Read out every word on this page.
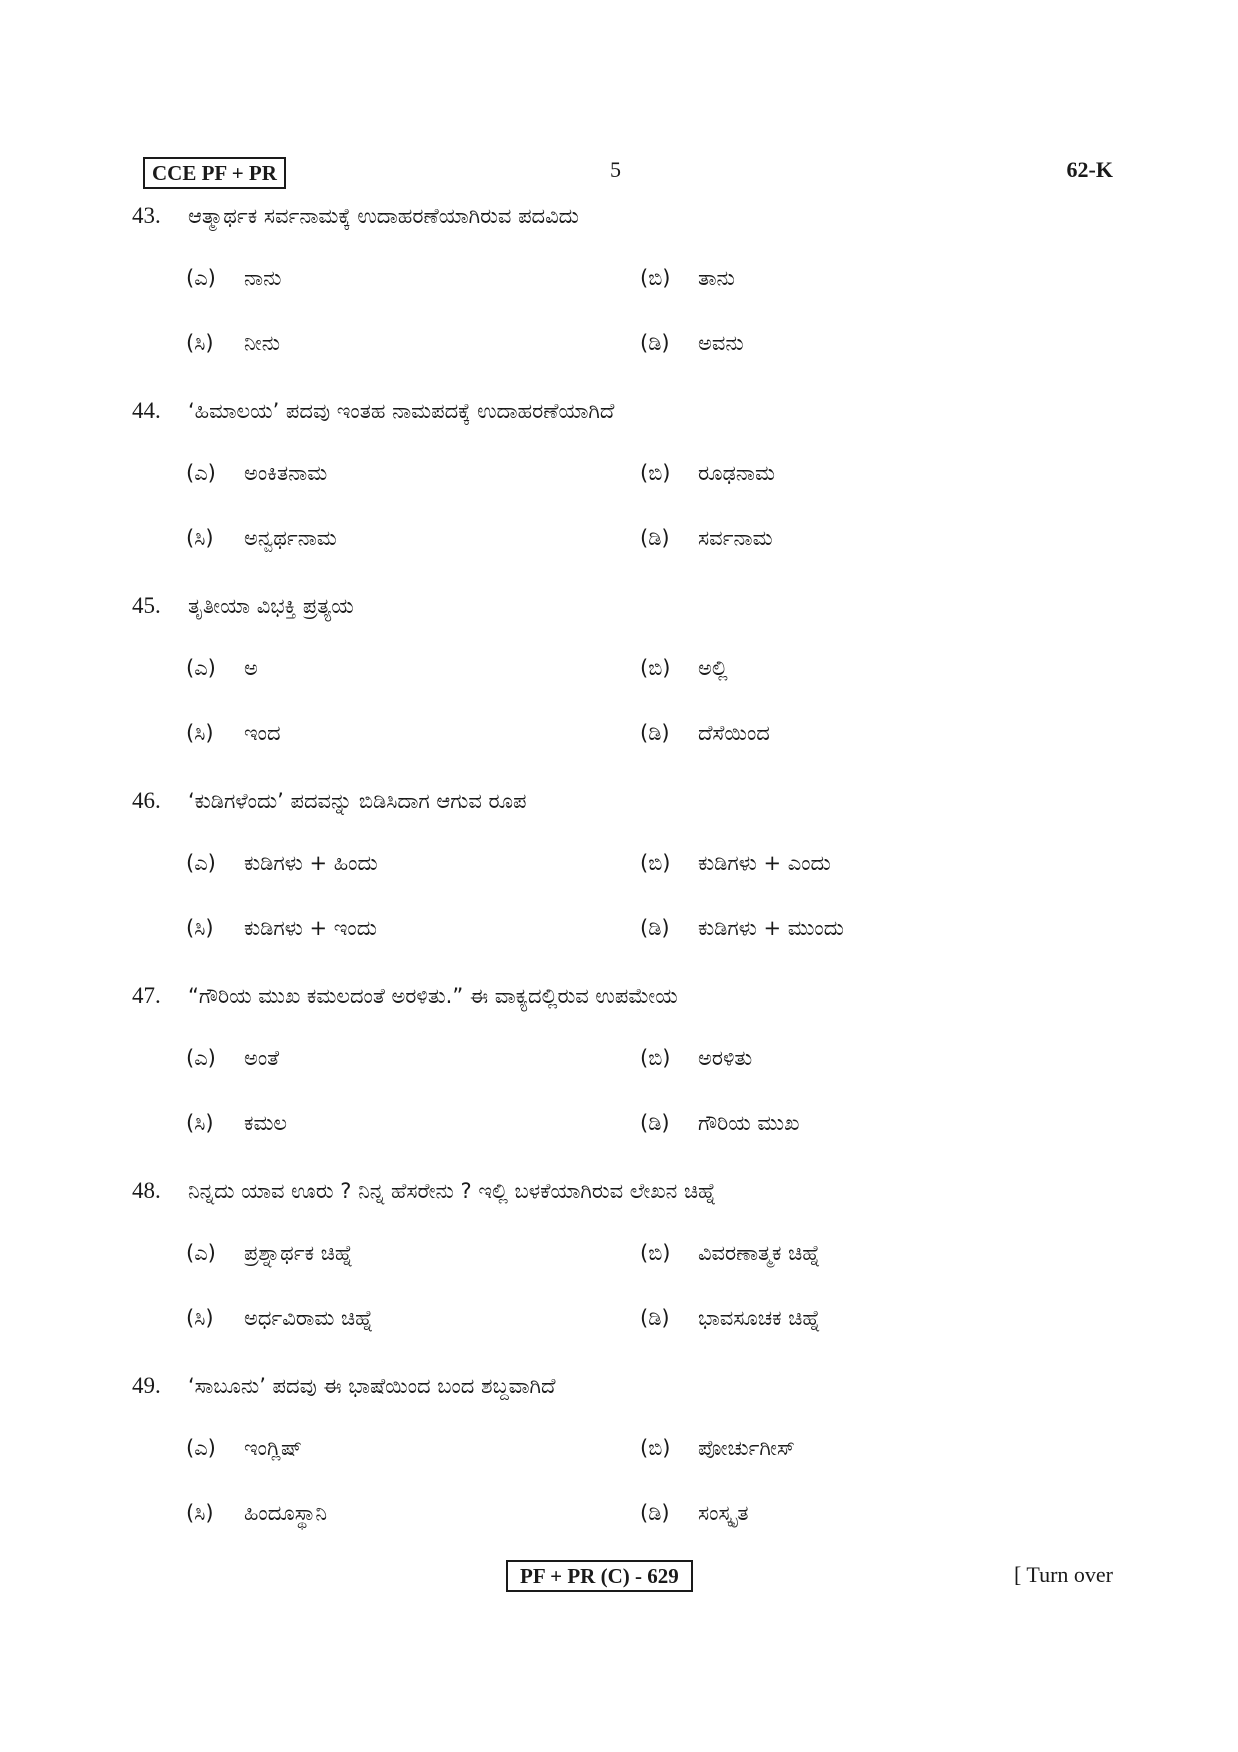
CCE PF + PR	5	62-K
43.	ಆತ್ಮಾರ್ಥಕ ಸರ್ವನಾಮಕ್ಕೆ ಉದಾಹರಣೆಯಾಗಿರುವ ಪದವಿದು
(ಎ)	ನಾನು	(ಬಿ)	ತಾನು
(ಸಿ)	ನೀನು	(ಡಿ)	ಅವನು
44.	‘ಹಿಮಾಲಯ’ ಪದವು ಇಂತಹ ನಾಮಪದಕ್ಕೆ ಉದಾಹರಣೆಯಾಗಿದೆ
(ಎ)	ಅಂಕಿತನಾಮ	(ಬಿ)	ರೂಢನಾಮ
(ಸಿ)	ಅನ್ವರ್ಥನಾಮ	(ಡಿ)	ಸರ್ವನಾಮ
45.	ತೃತೀಯಾ ವಿಭಕ್ತಿ ಪ್ರತ್ಯಯ
(ಎ)	ಅ	(ಬಿ)	ಅಲ್ಲಿ
(ಸಿ)	ಇಂದ	(ಡಿ)	ದೆಸೆಯಿಂದ
46.	‘ಕುಡಿಗಳೆಂದು’ ಪದವನ್ನು ಬಿಡಿಸಿದಾಗ ಆಗುವ ರೂಪ
(ಎ)	ಕುಡಿಗಳು + ಹಿಂದು	(ಬಿ)	ಕುಡಿಗಳು + ಎಂದು
(ಸಿ)	ಕುಡಿಗಳು + ಇಂದು	(ಡಿ)	ಕುಡಿಗಳು + ಮುಂದು
47.	“ಗೌರಿಯ ಮುಖ ಕಮಲದಂತೆ ಅರಳಿತು.” ಈ ವಾಕ್ಯದಲ್ಲಿರುವ ಉಪಮೇಯ
(ಎ)	ಅಂತೆ	(ಬಿ)	ಅರಳಿತು
(ಸಿ)	ಕಮಲ	(ಡಿ)	ಗೌರಿಯ ಮುಖ
48.	ನಿನ್ನದು ಯಾವ ಊರು ? ನಿನ್ನ ಹೆಸರೇನು ? ಇಲ್ಲಿ ಬಳಕೆಯಾಗಿರುವ ಲೇಖನ ಚಿಹ್ನೆ
(ಎ)	ಪ್ರಶ್ನಾರ್ಥಕ ಚಿಹ್ನೆ	(ಬಿ)	ವಿವರಣಾತ್ಮಕ ಚಿಹ್ನೆ
(ಸಿ)	ಅರ್ಧವಿರಾಮ ಚಿಹ್ನೆ	(ಡಿ)	ಭಾವಸೂಚಕ ಚಿಹ್ನೆ
49.	‘ಸಾಬೂನು’ ಪದವು ಈ ಭಾಷೆಯಿಂದ ಬಂದ ಶಬ್ದವಾಗಿದೆ
(ಎ)	ಇಂಗ್ಲಿಷ್	(ಬಿ)	ಪೋರ್ಚುಗೀಸ್
(ಸಿ)	ಹಿಂದೂಸ್ಥಾನಿ	(ಡಿ)	ಸಂಸ್ಕೃತ
PF + PR (C) - 629	[ Turn over
